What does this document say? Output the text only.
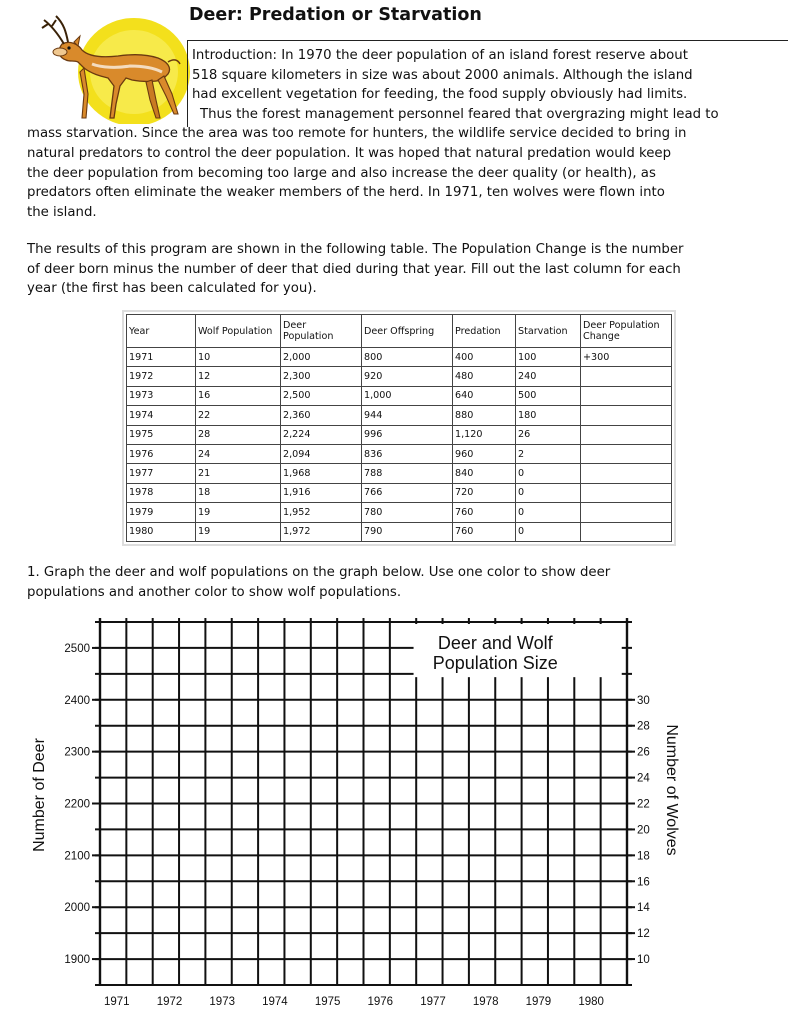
Deer: Predation or Starvation

Introduction: In 1970 the deer population of an island forest reserve about

518 square kilometers in size was about 2000 animals. Although the island

had excellent vegetation for feeding, the food supply obviously had limits.

Thus the forest management personnel feared that overgrazing might lead to

mass starvation. Since the area was too remote for hunters, the wildlife service decided to bring in

natural predators to control the deer population. It was hoped that natural predation would keep

the deer population from becoming too large and also increase the deer quality (or health), as

predators often eliminate the weaker members of the herd. In 1971, ten wolves were flown into

the island.

The results of this program are shown in the following table. The Population Change is the number

of deer born minus the number of deer that died during that year. Fill out the last column for each

year (the first has been calculated for you).

Year	Wolf Population	Deer Population	Deer Offspring	Predation	Starvation	Deer Population Change
1971	10	2,000	800	400	100	+300
1972	12	2,300	920	480	240	
1973	16	2,500	1,000	640	500	
1974	22	2,360	944	880	180	
1975	28	2,224	996	1,120	26	
1976	24	2,094	836	960	2	
1977	21	1,968	788	840	0	
1978	18	1,916	766	720	0	
1979	19	1,952	780	760	0	
1980	19	1,972	790	760	0	

1. Graph the deer and wolf populations on the graph below. Use one color to show deer

populations and another color to show wolf populations.

Deer and Wolf
Population Size
2500
2400
2300
2200
2100
2000
1900
30
28
26
24
22
20
18
16
14
12
10
1971 1972 1973 1974 1975 1976 1977 1978 1979 1980
Number of Deer	Number of Wolves
